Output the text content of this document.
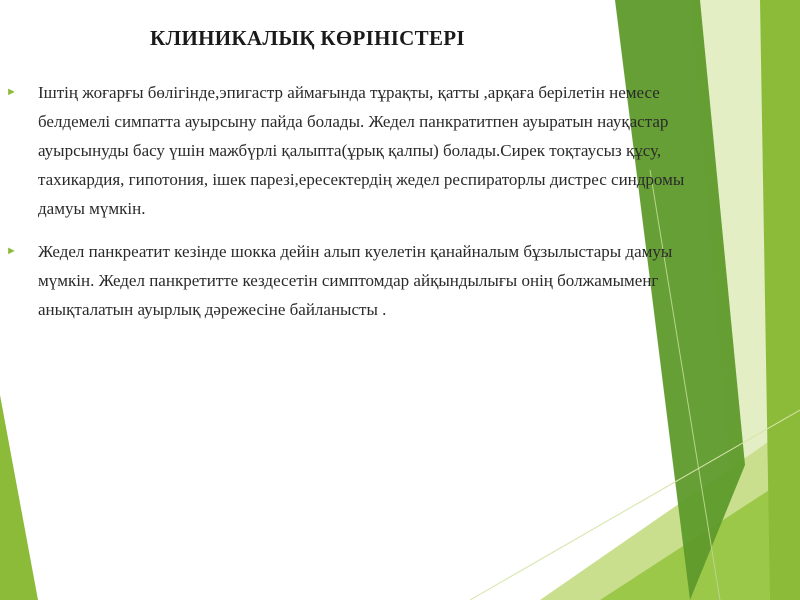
КЛИНИКАЛЫҚ КӨРІНІСТЕРІ
► Іштің жоғарғы бөлігінде,эпигастр аймағында тұрақты, қатты ,арқаға берілетін немесе белдемелі симпатта ауырсыну пайда болады. Жедел панкратитпен ауыратын науқастар ауырсынуды басу үшін мажбүрлі қалыпта(ұрық қалпы) болады.Сирек тоқтаусыз құсу, тахикардия, гипотония, ішек парезі,ересектердің жедел респираторлы дистрес синдромы дамуы мүмкін.
► Жедел панкреатит кезінде шокка дейін алып куелетін қанайналым бұзылыстары дамуы мүмкін. Жедел панкретитте кездесетін симптомдар айқындылығы онің болжамыменг анықталатын ауырлық дәрежесіне байланысты .
